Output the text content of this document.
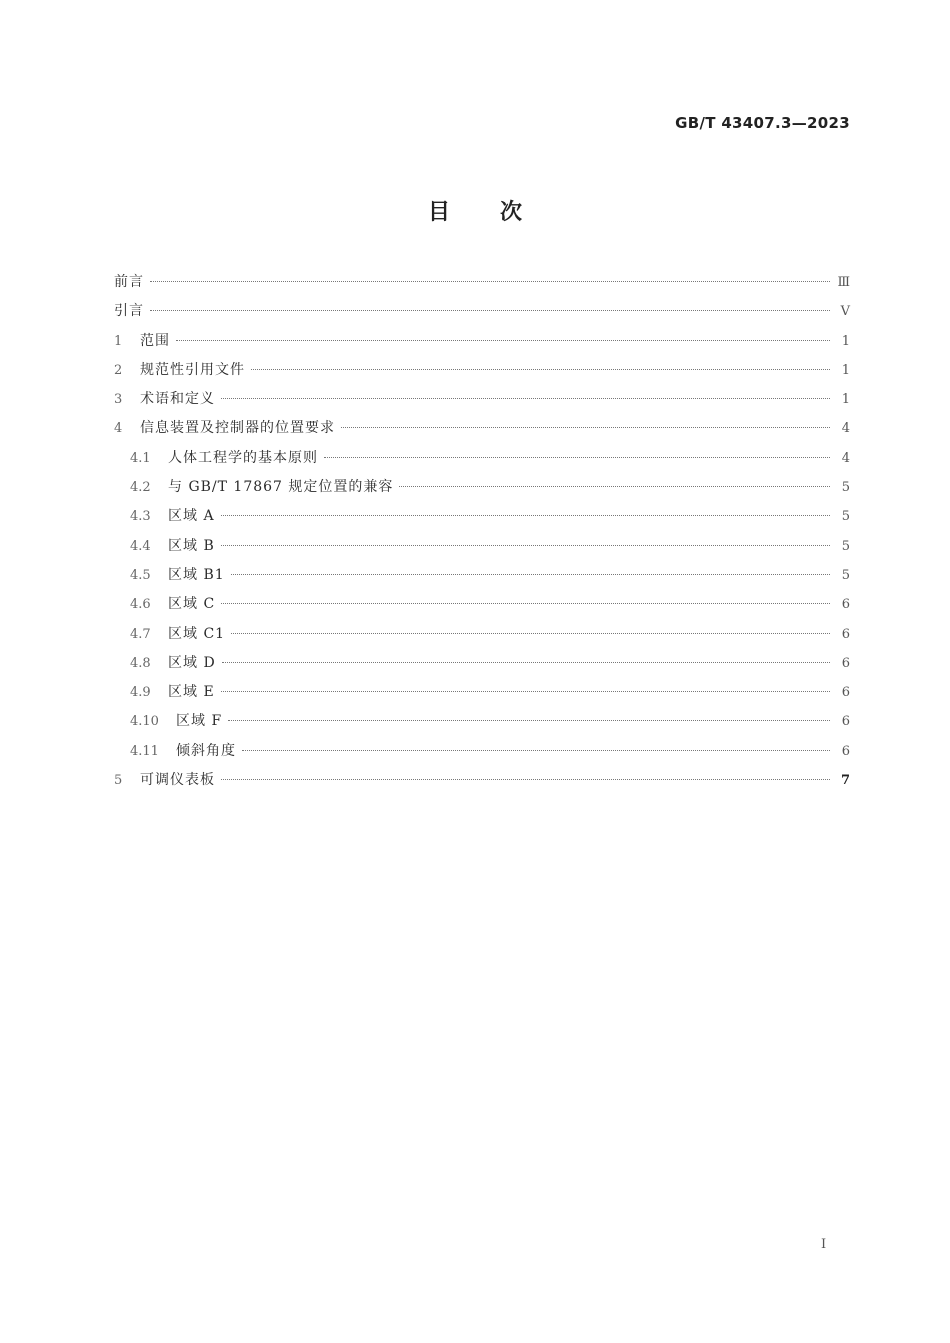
GB/T 43407.3—2023
目次
前言	Ⅲ
引言	Ⅴ
1	范围	1
2	规范性引用文件	1
3	术语和定义	1
4	信息装置及控制器的位置要求	4
4.1	人体工程学的基本原则	4
4.2	与 GB/T 17867 规定位置的兼容	5
4.3	区域 A	5
4.4	区域 B	5
4.5	区域 B1	5
4.6	区域 C	6
4.7	区域 C1	6
4.8	区域 D	6
4.9	区域 E	6
4.10	区域 F	6
4.11	倾斜角度	6
5	可调仪表板	7
I
